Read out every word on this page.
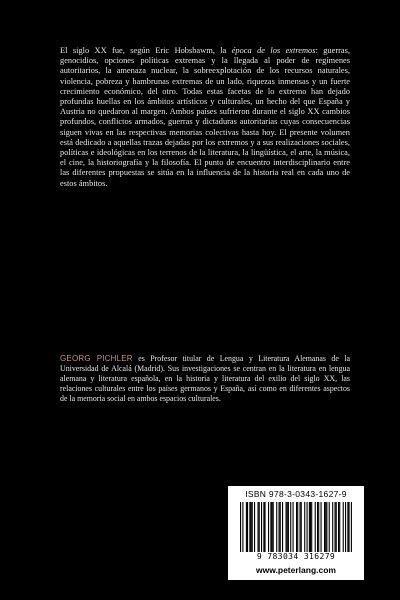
El siglo XX fue, según Eric Hobsbawm, la época de los extremos: guerras, genocidios, opciones políticas extremas y la llegada al poder de regímenes autoritarios, la amenaza nuclear, la sobreexplotación de los recursos naturales, violencia, pobreza y hambrunas extremas de un lado, riquezas inmensas y un fuerte crecimiento económico, del otro. Todas estas facetas de lo extremo han dejado profundas huellas en los ámbitos artísticos y culturales, un hecho del que España y Austria no quedaron al margen. Ambos países sufrieron durante el siglo XX cambios profundos, conflictos armados, guerras y dictaduras autoritarias cuyas consecuencias siguen vivas en las respectivas memorias colectivas hasta hoy. El presente volumen está dedicado a aquellas trazas dejadas por los extremos y a sus realizaciones sociales, políticas e ideológicas en los terrenos de la literatura, la lingüística, el arte, la música, el cine, la historiografía y la filosofía. El punto de encuentro interdisciplinario entre las diferentes propuestas se sitúa en la influencia de la historia real en cada uno de estos ámbitos.
GEORG PICHLER es Profesor titular de Lengua y Literatura Alemanas de la Universidad de Alcalá (Madrid). Sus investigaciones se centran en la literatura en lengua alemana y literatura española, en la historia y literatura del exilio del siglo XX, las relaciones culturales entre los países germanos y España, así como en diferentes aspectos de la memoria social en ambos espacios culturales.
ISBN 978-3-0343-1627-9
9 783034 316279
www.peterlang.com
